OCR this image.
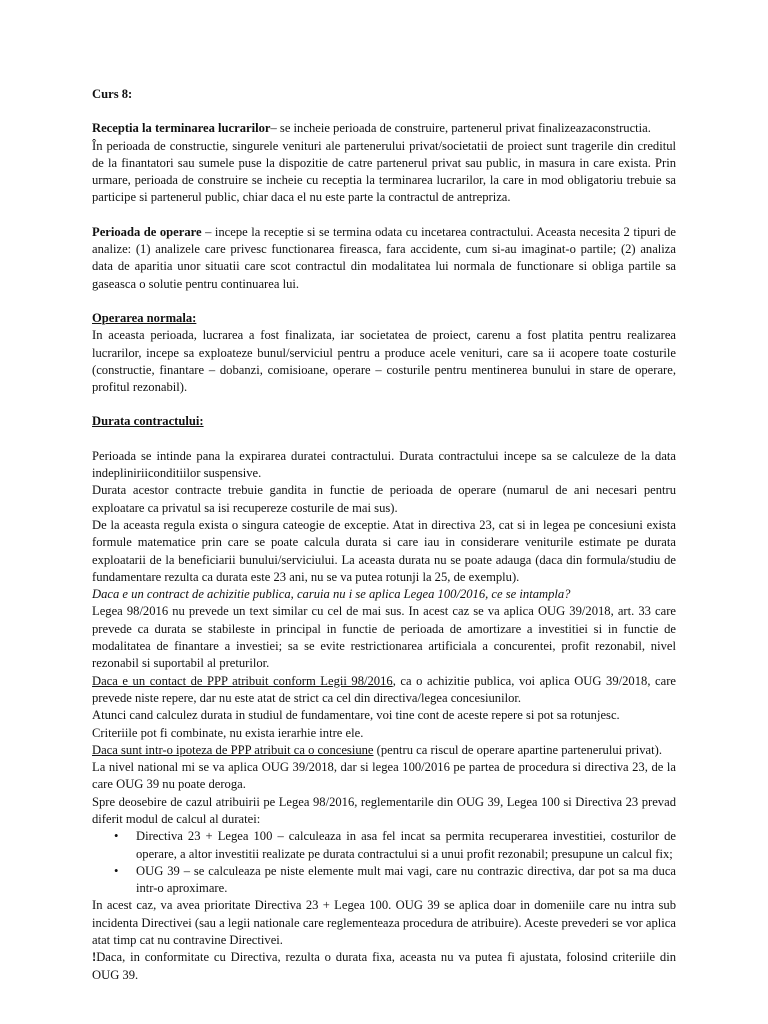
Curs 8:

Receptia la terminarea lucrarilor– se incheie perioada de construire, partenerul privat finalizeazaconstructia.

În perioada de constructie, singurele venituri ale partenerului privat/societatii de proiect sunt tragerile din creditul de la finantatori sau sumele puse la dispozitie de catre partenerul privat sau public, in masura in care exista. Prin urmare, perioada de construire se incheie cu receptia la terminarea lucrarilor, la care in mod obligatoriu trebuie sa participe si partenerul public, chiar daca el nu este parte la contractul de antrepriza.

Perioada de operare – incepe la receptie si se termina odata cu incetarea contractului. Aceasta necesita 2 tipuri de analize: (1) analizele care privesc functionarea fireasca, fara accidente, cum si-au imaginat-o partile; (2) analiza data de aparitia unor situatii care scot contractul din modalitatea lui normala de functionare si obliga partile sa gaseasca o solutie pentru continuarea lui.

Operarea normala:

In aceasta perioada, lucrarea a fost finalizata, iar societatea de proiect, carenu a fost platita pentru realizarea lucrarilor, incepe sa exploateze bunul/serviciul pentru a produce acele venituri, care sa ii acopere toate costurile (constructie, finantare – dobanzi, comisioane, operare – costurile pentru mentinerea bunului in stare de operare, profitul rezonabil).

Durata contractului:

Perioada se intinde pana la expirarea duratei contractului. Durata contractului incepe sa se calculeze de la data indepliniriiconditiilor suspensive.

Durata acestor contracte trebuie gandita in functie de perioada de operare (numarul de ani necesari pentru exploatare ca privatul sa isi recupereze costurile de mai sus).

De la aceasta regula exista o singura cateogie de exceptie. Atat in directiva 23, cat si in legea pe concesiuni exista formule matematice prin care se poate calcula durata si care iau in considerare veniturile estimate pe durata exploatarii de la beneficiarii bunului/serviciului. La aceasta durata nu se poate adauga (daca din formula/studiu de fundamentare rezulta ca durata este 23 ani, nu se va putea rotunji la 25, de exemplu).

Daca e un contract de achizitie publica, caruia nu i se aplica Legea 100/2016, ce se intampla?

Legea 98/2016 nu prevede un text similar cu cel de mai sus. In acest caz se va aplica OUG 39/2018, art. 33 care prevede ca durata se stabileste in principal in functie de perioada de amortizare a investitiei si in functie de modalitatea de finantare a investiei; sa se evite restrictionarea artificiala a concurentei, profit rezonabil, nivel rezonabil si suportabil al preturilor.

Daca e un contact de PPP atribuit conform Legii 98/2016, ca o achizitie publica, voi aplica OUG 39/2018, care prevede niste repere, dar nu este atat de strict ca cel din directiva/legea concesiunilor.

Atunci cand calculez durata in studiul de fundamentare, voi tine cont de aceste repere si pot sa rotunjesc.

Criteriile pot fi combinate, nu exista ierarhie intre ele.

Daca sunt intr-o ipoteza de PPP atribuit ca o concesiune (pentru ca riscul de operare apartine partenerului privat).

La nivel national mi se va aplica OUG 39/2018, dar si legea 100/2016 pe partea de procedura si directiva 23, de la care OUG 39 nu poate deroga.

Spre deosebire de cazul atribuirii pe Legea 98/2016, reglementarile din OUG 39, Legea 100 si Directiva 23 prevad diferit modul de calcul al duratei:

• Directiva 23 + Legea 100 – calculeaza in asa fel incat sa permita recuperarea investitiei, costurilor de operare, a altor investitii realizate pe durata contractului si a unui profit rezonabil; presupune un calcul fix;
• OUG 39 – se calculeaza pe niste elemente mult mai vagi, care nu contrazic directiva, dar pot sa ma duca intr-o aproximare.

In acest caz, va avea prioritate Directiva 23 + Legea 100. OUG 39 se aplica doar in domeniile care nu intra sub incidenta Directivei (sau a legii nationale care reglementeaza procedura de atribuire). Aceste prevederi se vor aplica atat timp cat nu contravine Directivei.

!Daca, in conformitate cu Directiva, rezulta o durata fixa, aceasta nu va putea fi ajustata, folosind criteriile din OUG 39.
